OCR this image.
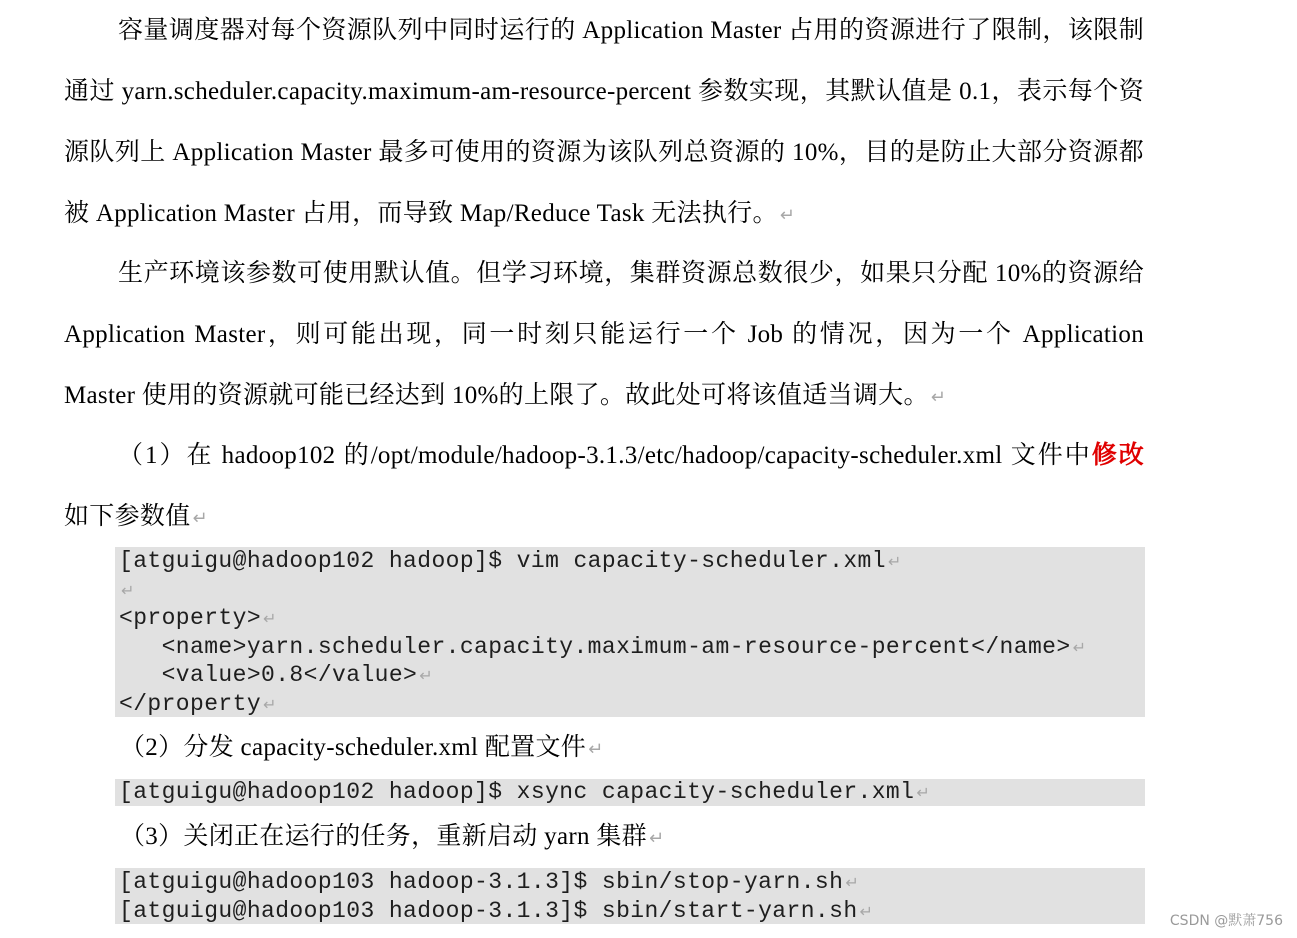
容量调度器对每个资源队列中同时运行的 Application Master 占用的资源进行了限制，该限制通过 yarn.scheduler.capacity.maximum-am-resource-percent 参数实现，其默认值是 0.1，表示每个资源队列上 Application Master 最多可使用的资源为该队列总资源的 10%，目的是防止大部分资源都被 Application Master 占用，而导致 Map/Reduce Task 无法执行。 ↵

生产环境该参数可使用默认值。但学习环境，集群资源总数很少，如果只分配 10%的资源给 Application Master，则可能出现，同一时刻只能运行一个 Job 的情况，因为一个 Application Master 使用的资源就可能已经达到 10%的上限了。故此处可将该值适当调大。 ↵

（1）在 hadoop102 的/opt/module/hadoop-3.1.3/etc/hadoop/capacity-scheduler.xml 文件中修改如下参数值 ↵

[atguigu@hadoop102 hadoop]$ vim capacity-scheduler.xml ↵
↵
<property> ↵
<name>yarn.scheduler.capacity.maximum-am-resource-percent</name> ↵
<value>0.8</value> ↵
</property ↵
（2）分发 capacity-scheduler.xml 配置文件 ↵
[atguigu@hadoop102 hadoop]$ xsync capacity-scheduler.xml ↵
（3）关闭正在运行的任务，重新启动 yarn 集群 ↵
[atguigu@hadoop103 hadoop-3.1.3]$ sbin/stop-yarn.sh ↵
[atguigu@hadoop103 hadoop-3.1.3]$ sbin/start-yarn.sh ↵
CSDN @默萧756
